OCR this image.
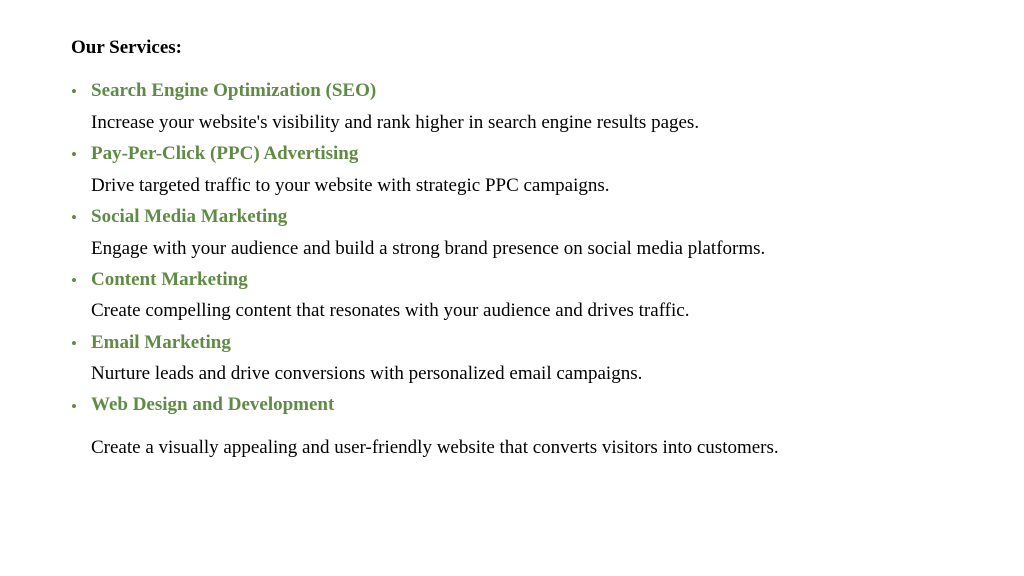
Our Services:
• Search Engine Optimization (SEO)
Increase your website's visibility and rank higher in search engine results pages.
• Pay-Per-Click (PPC) Advertising
Drive targeted traffic to your website with strategic PPC campaigns.
• Social Media Marketing
Engage with your audience and build a strong brand presence on social media platforms.
• Content Marketing
Create compelling content that resonates with your audience and drives traffic.
• Email Marketing
Nurture leads and drive conversions with personalized email campaigns.
• Web Design and Development
Create a visually appealing and user-friendly website that converts visitors into customers.
